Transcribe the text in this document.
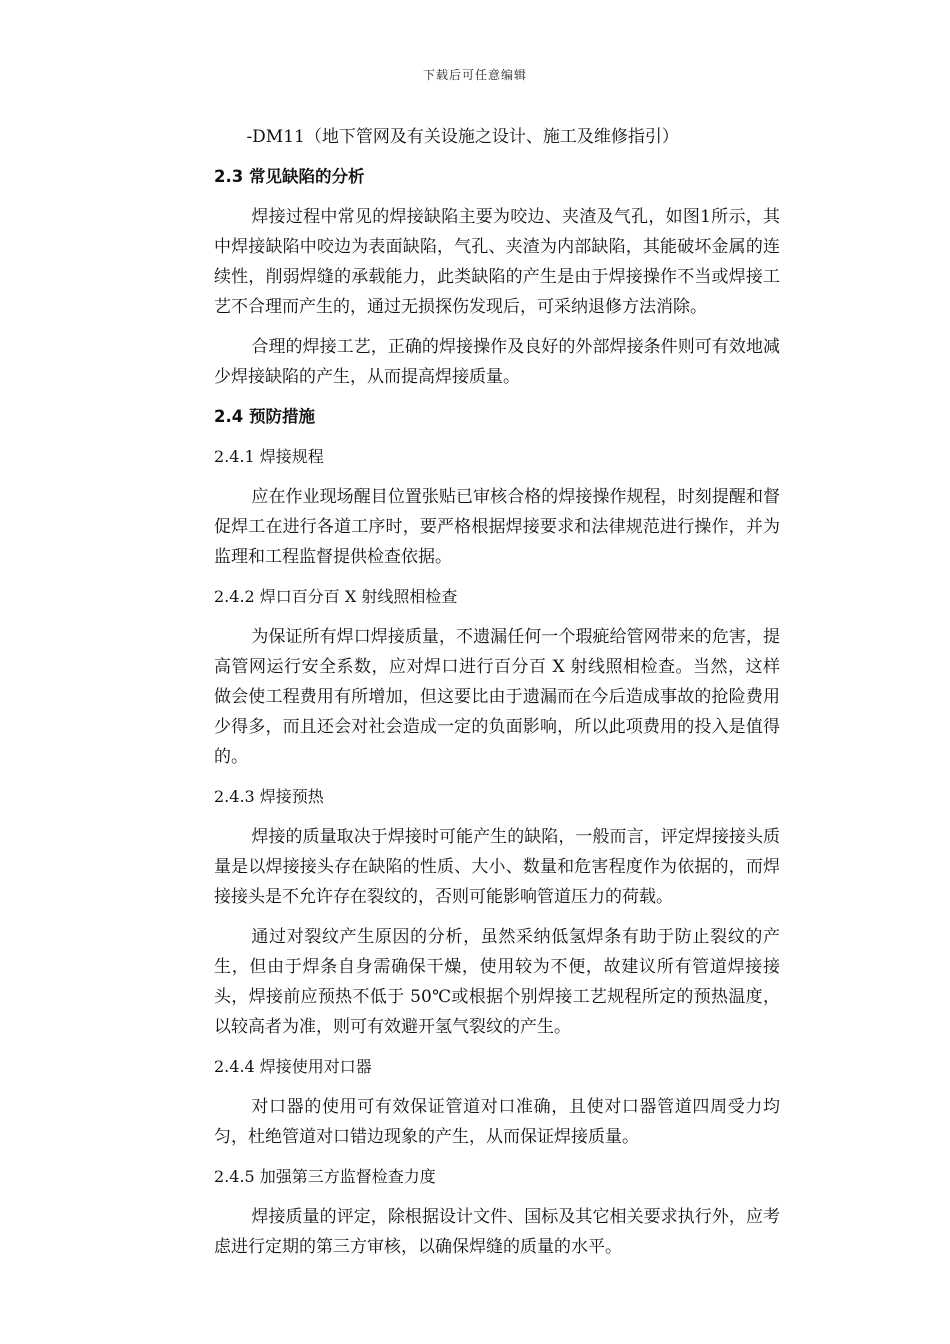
下载后可任意编辑

-DM11（地下管网及有关设施之设计、施工及维修指引）

2.3 常见缺陷的分析

焊接过程中常见的焊接缺陷主要为咬边、夹渣及气孔，如图1所示，其中焊接缺陷中咬边为表面缺陷，气孔、夹渣为内部缺陷，其能破坏金属的连续性，削弱焊缝的承载能力，此类缺陷的产生是由于焊接操作不当或焊接工艺不合理而产生的，通过无损探伤发现后，可采纳退修方法消除。

合理的焊接工艺，正确的焊接操作及良好的外部焊接条件则可有效地减少焊接缺陷的产生，从而提高焊接质量。

2.4 预防措施

2.4.1 焊接规程

应在作业现场醒目位置张贴已审核合格的焊接操作规程，时刻提醒和督促焊工在进行各道工序时，要严格根据焊接要求和法律规范进行操作，并为监理和工程监督提供检查依据。

2.4.2 焊口百分百 X 射线照相检查

为保证所有焊口焊接质量，不遗漏任何一个瑕疵给管网带来的危害，提高管网运行安全系数，应对焊口进行百分百 X 射线照相检查。当然，这样做会使工程费用有所增加，但这要比由于遗漏而在今后造成事故的抢险费用少得多，而且还会对社会造成一定的负面影响，所以此项费用的投入是值得的。

2.4.3 焊接预热

焊接的质量取决于焊接时可能产生的缺陷，一般而言，评定焊接接头质量是以焊接接头存在缺陷的性质、大小、数量和危害程度作为依据的，而焊接接头是不允许存在裂纹的，否则可能影响管道压力的荷载。

通过对裂纹产生原因的分析，虽然采纳低氢焊条有助于防止裂纹的产生，但由于焊条自身需确保干燥，使用较为不便，故建议所有管道焊接接头，焊接前应预热不低于 50℃或根据个别焊接工艺规程所定的预热温度，以较高者为准，则可有效避开氢气裂纹的产生。

2.4.4 焊接使用对口器

对口器的使用可有效保证管道对口准确，且使对口器管道四周受力均匀，杜绝管道对口错边现象的产生，从而保证焊接质量。

2.4.5 加强第三方监督检查力度

焊接质量的评定，除根据设计文件、国标及其它相关要求执行外，应考虑进行定期的第三方审核，以确保焊缝的质量的水平。
